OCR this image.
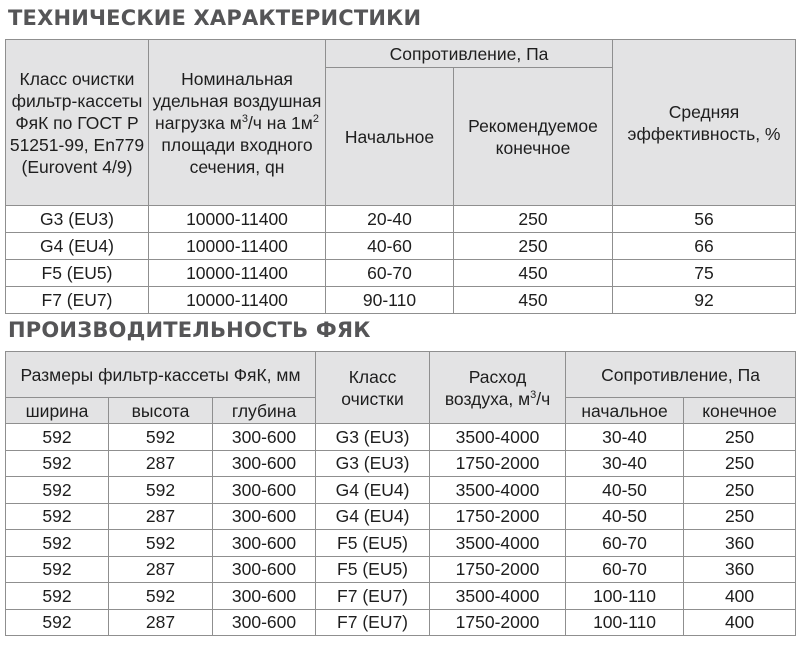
ТЕХНИЧЕСКИЕ ХАРАКТЕРИСТИКИ
Класс очистки фильтр-кассеты ФяК по ГОСТ Р 51251-99, En779 (Eurovent 4/9)	Номинальная удельная воздушная нагрузка $м^3/ч$ на $1м^2$ площади входного сечения, qн	Сопротивление, Па		Средняя эффективность, %
		Начальное	Рекомендуемое конечное	
G3 (EU3)	10000-11400	20-40	250	56
G4 (EU4)	10000-11400	40-60	250	66
F5 (EU5)	10000-11400	60-70	450	75
F7 (EU7)	10000-11400	90-110	450	92
ПРОИЗВОДИТЕЛЬНОСТЬ ФЯК
Размеры фильтр-кассеты ФяК, мм			Класс очистки	Расход воздуха, $м^3/ч$	Сопротивление, Па	
ширина	высота	глубина			начальное	конечное
592	592	300-600	G3 (EU3)	3500-4000	30-40	250
592	287	300-600	G3 (EU3)	1750-2000	30-40	250
592	592	300-600	G4 (EU4)	3500-4000	40-50	250
592	287	300-600	G4 (EU4)	1750-2000	40-50	250
592	592	300-600	F5 (EU5)	3500-4000	60-70	360
592	287	300-600	F5 (EU5)	1750-2000	60-70	360
592	592	300-600	F7 (EU7)	3500-4000	100-110	400
592	287	300-600	F7 (EU7)	1750-2000	100-110	400
